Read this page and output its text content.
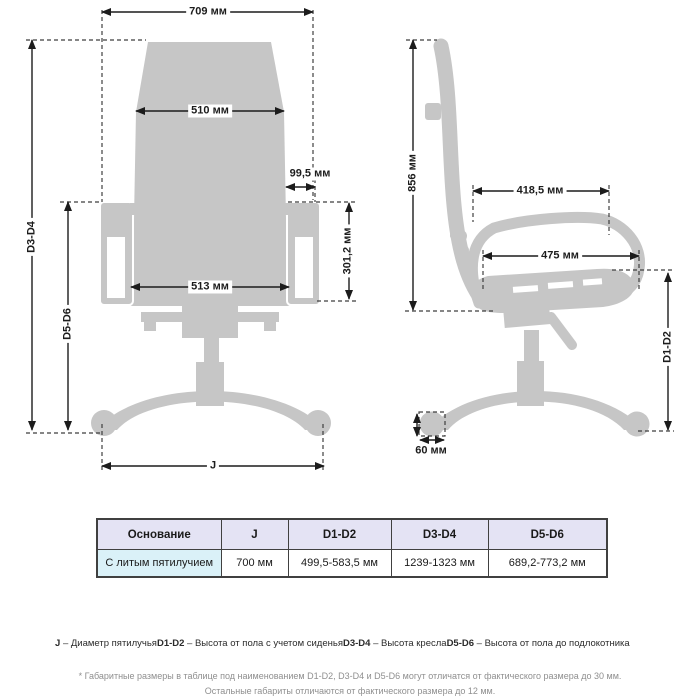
709 мм
D3-D4
D5-D6
510 мм
99,5 мм
301,2 мм
513 мм
J
856 мм	418,5 мм
475 мм
D1-D2
60 мм
Основание	J	D1-D2	D3-D4	D5-D6
С литым пятилучием	700 мм	499,5-583,5 мм	1239-1323 мм	689,2-773,2 мм
J – Диаметр пятилучья D1-D2 – Высота от пола с учетом сиденья D3-D4 – Высота кресла D5-D6 – Высота от пола до подлокотника
* Габаритные размеры в таблице под наименованием D1-D2, D3-D4 и D5-D6 могут отличатся от фактического размера до 30 мм.
Остальные габариты отличаются от фактического размера до 12 мм.
